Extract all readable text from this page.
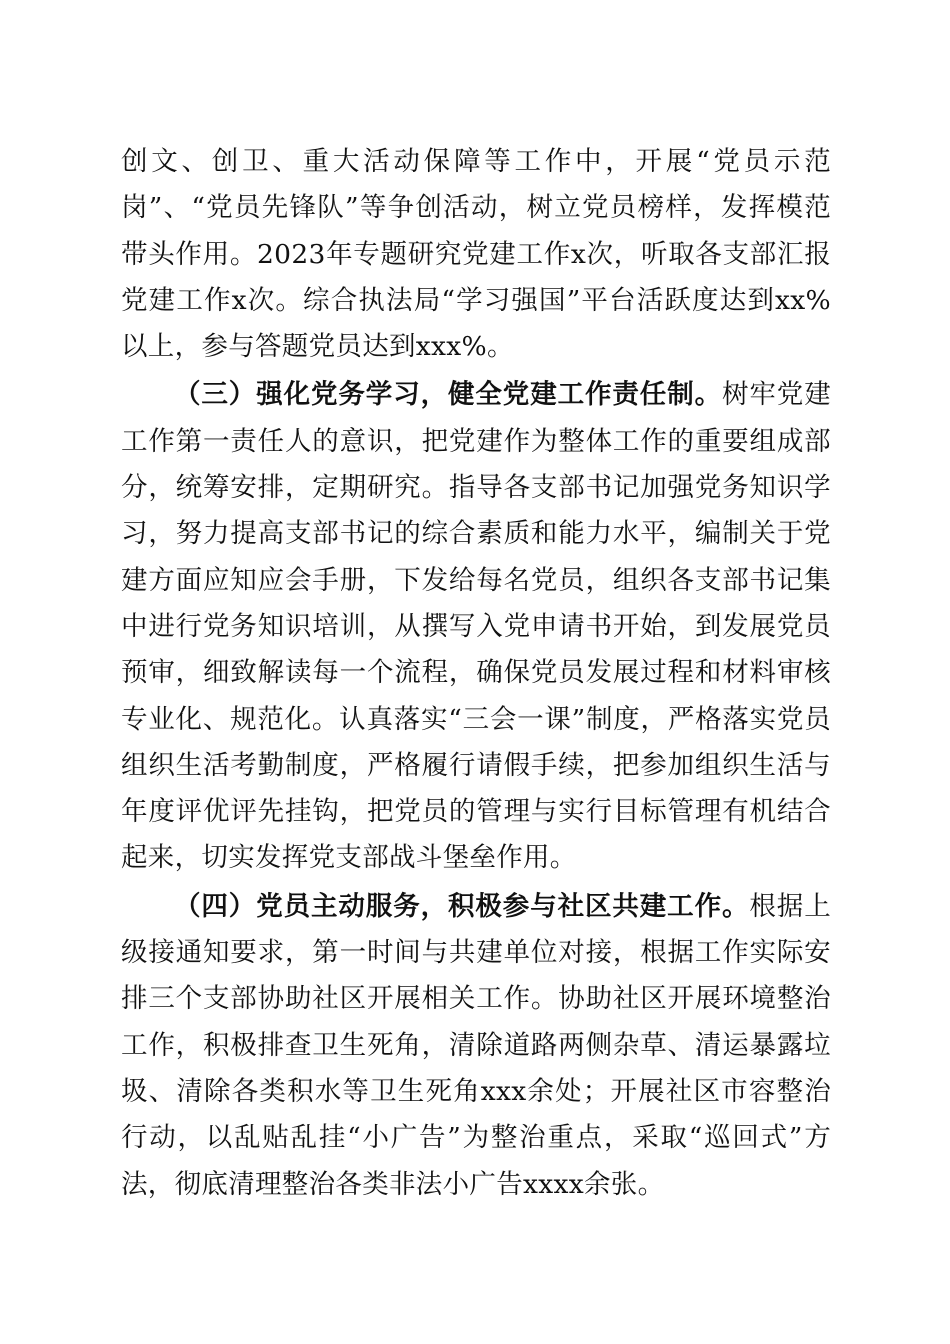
创文、创卫、重大活动保障等工作中，开展“党员示范岗”、“党员先锋队”等争创活动，树立党员榜样，发挥模范带头作用。2023年专题研究党建工作x次，听取各支部汇报党建工作x次。综合执法局“学习强国”平台活跃度达到xx%以上，参与答题党员达到xxx%。

（三）强化党务学习，健全党建工作责任制。树牢党建工作第一责任人的意识，把党建作为整体工作的重要组成部分，统筹安排，定期研究。指导各支部书记加强党务知识学习，努力提高支部书记的综合素质和能力水平，编制关于党建方面应知应会手册，下发给每名党员，组织各支部书记集中进行党务知识培训，从撰写入党申请书开始，到发展党员预审，细致解读每一个流程，确保党员发展过程和材料审核专业化、规范化。认真落实“三会一课”制度，严格落实党员组织生活考勤制度，严格履行请假手续，把参加组织生活与年度评优评先挂钩，把党员的管理与实行目标管理有机结合起来，切实发挥党支部战斗堡垒作用。

（四）党员主动服务，积极参与社区共建工作。根据上级接通知要求，第一时间与共建单位对接，根据工作实际安排三个支部协助社区开展相关工作。协助社区开展环境整治工作，积极排查卫生死角，清除道路两侧杂草、清运暴露垃圾、清除各类积水等卫生死角xxx余处；开展社区市容整治行动，以乱贴乱挂“小广告”为整治重点，采取“巡回式”方法，彻底清理整治各类非法小广告xxxx余张。
